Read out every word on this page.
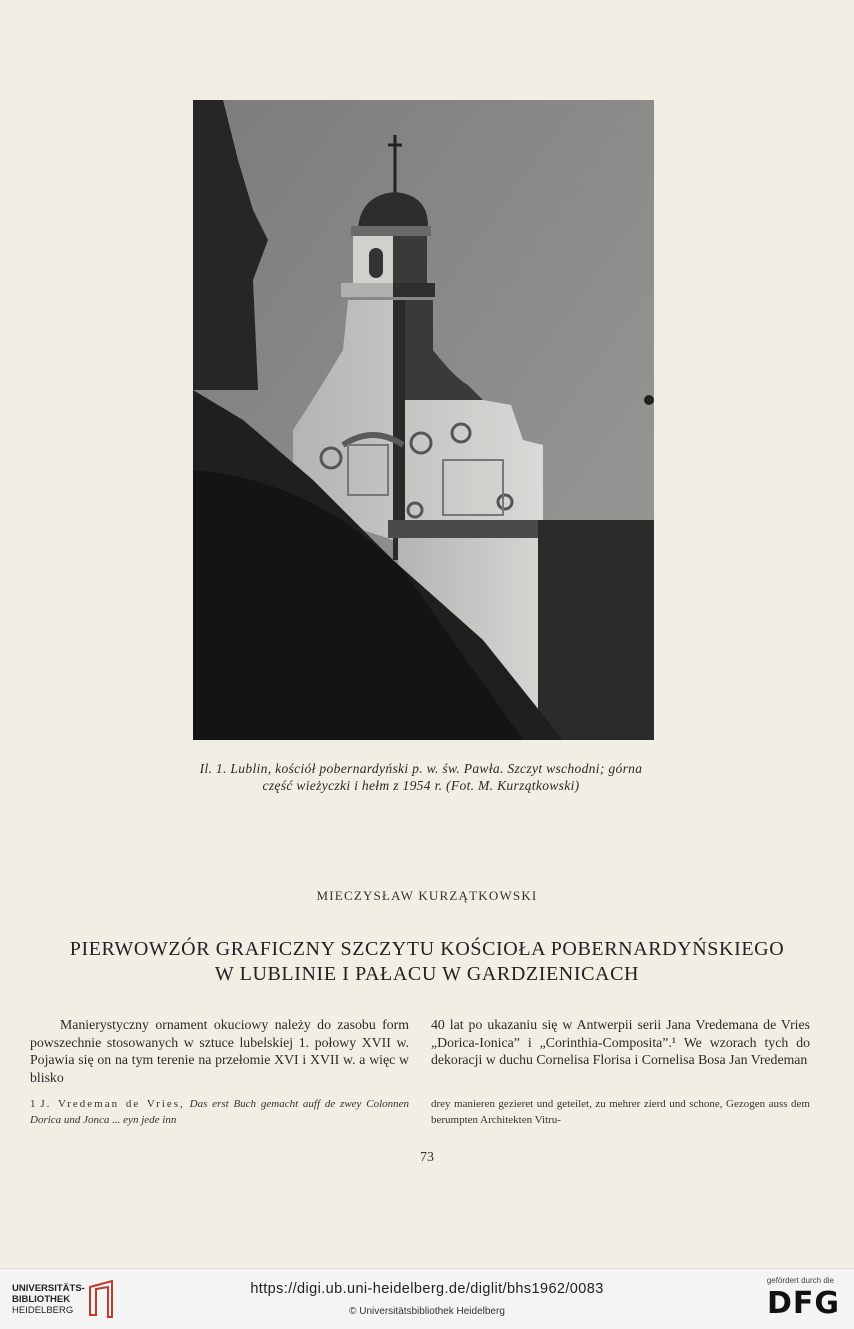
Il. 1. Lublin, kościół pobernardyński p. w. św. Pawła. Szczyt wschodni; górna część wieżyczki i hełm z 1954 r. (Fot. M. Kurzątkowski)
MIECZYSŁAW KURZĄTKOWSKI
PIERWOWZÓR GRAFICZNY SZCZYTU KOŚCIOŁA POBERNARDYŃSKIEGO
W LUBLINIE I PAŁACU W GARDZIENICACH
Manierystyczny ornament okuciowy należy do zasobu form powszechnie stosowanych w sztuce lubelskiej 1. połowy XVII w. Pojawia się on na tym terenie na przełomie XVI i XVII w. a więc w blisko
40 lat po ukazaniu się w Antwerpii serii Jana Vredemana de Vries „Dorica-Ionica” i „Corinthia-Composita”.¹ We wzorach tych do dekoracji w duchu Cornelisa Florisa i Cornelisa Bosa Jan Vredeman
1 J. Vredeman de Vries, Das erst Buch gemacht auff de zwey Colonnen Dorica und Jonca ... eyn jede inn
drey manieren gezieret und geteilet, zu mehrer zierd und schone, Gezogen auss dem berumpten Architekten Vitru-
73
UNIVERSITÄTS-
BIBLIOTHEK
HEIDELBERG
https://digi.ub.uni-heidelberg.de/diglit/bhs1962/0083
© Universitätsbibliothek Heidelberg
gefördert durch die
DFG
